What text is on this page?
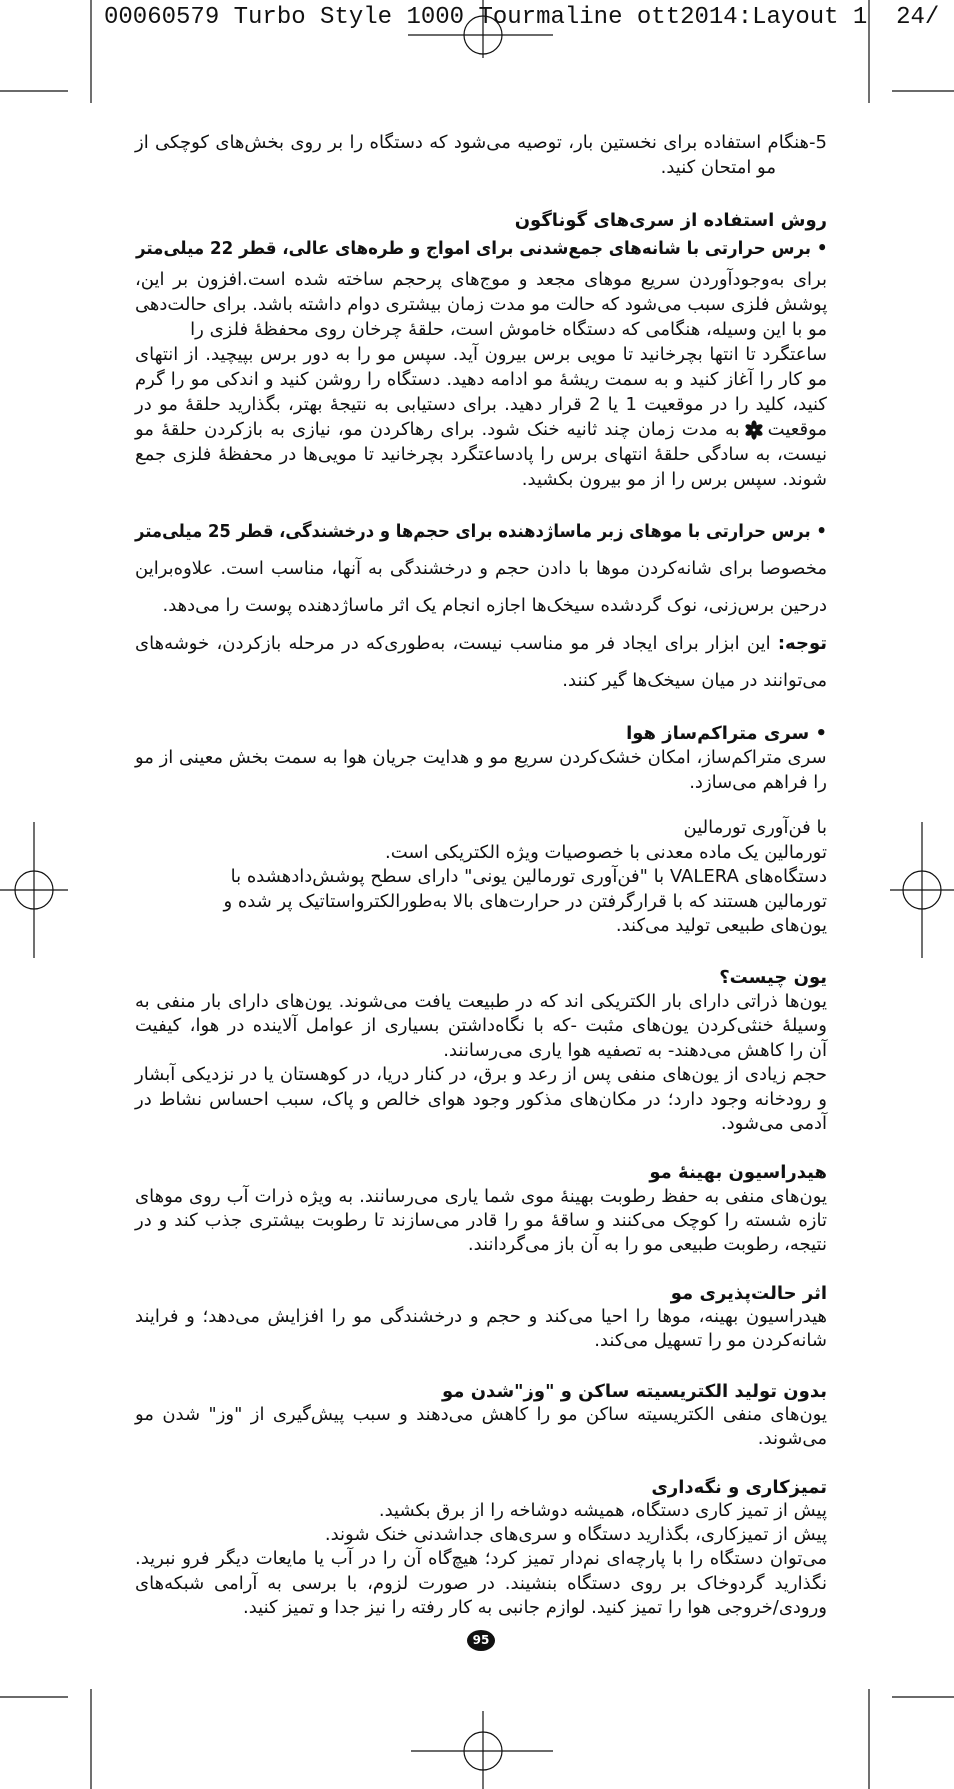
00060579 Turbo Style 1000 Tourmaline ott2014:Layout 1  24/
5-هنگام استفاده برای نخستین بار، توصیه می‌شود که دستگاه را بر روی بخش‌های کوچکی از
مو امتحان کنید.
روش استفاده از سری‌های گوناگون
• برس حرارتی با شانه‌های جمع‌شدنی برای امواج و طره‌های عالی، قطر 22 میلی‌متر
برای به‌وجودآوردن سریع موهای مجعد و موج‌های پرحجم ساخته شده است.افزون بر این،
پوشش فلزی سبب می‌شود که حالت مو مدت زمان بیشتری دوام داشته باشد. برای حالت‌دهی
مو با این وسیله، هنگامی که دستگاه خاموش است، حلقهٔ چرخان روی محفظهٔ فلزی را
ساعتگرد تا انتها بچرخانید تا مویی برس بیرون آید. سپس مو را به دور برس بپیچید. از انتهای
مو کار را آغاز کنید و به سمت ریشهٔ مو ادامه دهید. دستگاه را روشن کنید و اندکی مو را گرم
کنید، کلید را در موقعیت 1 یا 2 قرار دهید. برای دستیابی به نتیجهٔ بهتر، بگذارید حلقهٔ مو در
موقعیتبه مدت زمان چند ثانیه خنک شود. برای رهاکردن مو، نیازی به بازکردن حلقهٔ مو
نیست، به سادگی حلقهٔ انتهای برس را پادساعتگرد بچرخانید تا مویی‌ها در محفظهٔ فلزی جمع
شوند. سپس برس را از مو بیرون بکشید.
• برس حرارتی با موهای زبر ماساژدهنده برای حجم‌ها و درخشندگی، قطر 25 میلی‌متر
مخصوصا برای شانه‌کردن موها با دادن حجم و درخشندگی به آنها، مناسب است. علاوه‌براین
درحین برس‌زنی، نوک گردشده سیخک‌ها اجازه انجام یک اثر ماساژدهنده پوست را می‌دهد.
توجه: این ابزار برای ایجاد فر مو مناسب نیست، به‌طوری‌که در مرحله بازکردن، خوشه‌های
می‌توانند در میان سیخک‌ها گیر کنند.
• سری متراکم‌ساز هوا
سری متراکم‌ساز، امکان خشک‌کردن سریع مو و هدایت جریان هوا به سمت بخش معینی از مو
را فراهم می‌سازد.
با فن‌آوری تورمالین
تورمالین یک ماده معدنی با خصوصیات ویژه الکتریکی است.
دستگاه‌های VALERA با "فن‌آوری تورمالین یونی" دارای سطح پوشش‌دادهشده با
تورمالین هستند که با قرارگرفتن در حرارت‌های بالا به‌طورالکترواستاتیک پر شده و
یون‌های طبیعی تولید می‌کند.
یون چیست؟
یون‌ها ذراتی دارای بار الکتریکی اند که در طبیعت یافت می‌شوند. یون‌های دارای بار منفی به
وسیلهٔ خنثی‌کردن یون‌های مثبت -که با نگاه‌داشتن بسیاری از عوامل آلاینده در هوا، کیفیت
آن را کاهش می‌دهند- به تصفیه هوا یاری می‌رسانند.
حجم زیادی از یون‌های منفی پس از رعد و برق، در کنار دریا، در کوهستان یا در نزدیکی آبشار
و رودخانه وجود دارد؛ در مکان‌های مذکور وجود هوای خالص و پاک، سبب احساس نشاط در
آدمی می‌شود.
هیدراسیون بهینهٔ مو
یون‌های منفی به حفظ رطوبت بهینهٔ موی شما یاری می‌رسانند. به ویژه ذرات آب روی موهای
تازه شسته را کوچک می‌کنند و ساقهٔ مو را قادر می‌سازند تا رطوبت بیشتری جذب کند و در
نتیجه، رطوبت طبیعی مو را به آن باز می‌گردانند.
اثر حالت‌پذیری مو
هیدراسیون بهینه، موها را احیا می‌کند و حجم و درخشندگی مو را افزایش می‌دهد؛ و فرایند
شانه‌کردن مو را تسهیل می‌کند.
بدون تولید الکتریسیته ساکن و "وز"شدن مو
یون‌های منفی الکتریسیته ساکن مو را کاهش می‌دهند و سبب پیش‌گیری از "وز" شدن مو
می‌شوند.
تمیزکاری و نگه‌داری
پیش از تمیز کاری دستگاه، همیشه دوشاخه را از برق بکشید.
پیش از تمیزکاری، بگذارید دستگاه و سری‌های جداشدنی خنک شوند.
می‌توان دستگاه را با پارچه‌ای نم‌دار تمیز کرد؛ هیچ‌گاه آن را در آب یا مایعات دیگر فرو نبرید.
نگذارید گردوخاک بر روی دستگاه بنشیند. در صورت لزوم، با برسی به آرامی شبکه‌های
ورودی/خروجی هوا را تمیز کنید. لوازم جانبی به کار رفته را نیز جدا و تمیز کنید.
95
